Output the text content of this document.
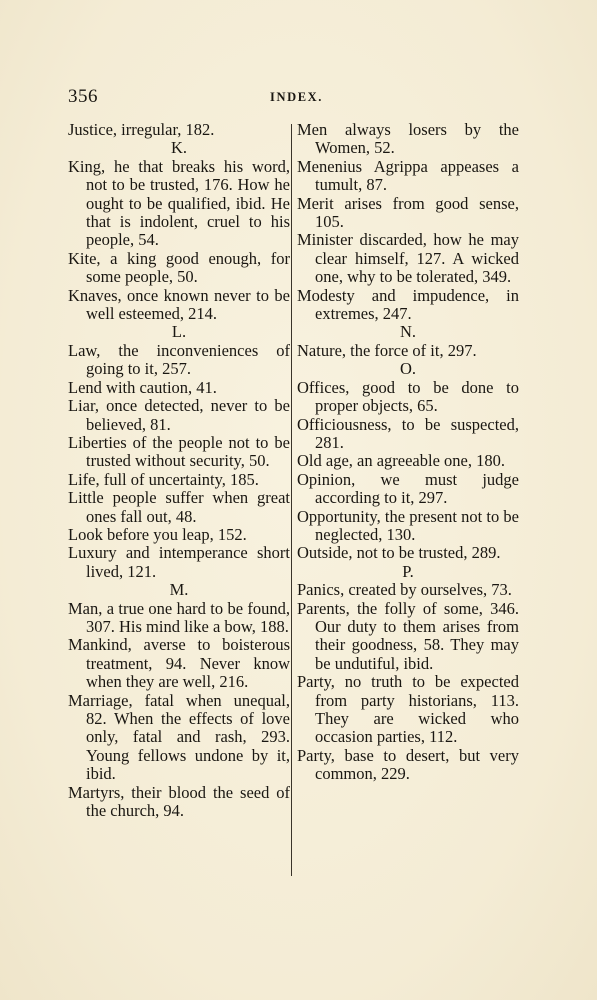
356	INDEX.

Justice, irregular, 182.

K.

King, he that breaks his word, not to be trusted, 176. How he ought to be qualified, ibid. He that is indolent, cruel to his people, 54.

Kite, a king good enough, for some people, 50.

Knaves, once known never to be well esteemed, 214.

L.

Law, the inconveniences of going to it, 257.

Lend with caution, 41.

Liar, once detected, never to be believed, 81.

Liberties of the people not to be trusted without security, 50.

Life, full of uncertainty, 185.

Little people suffer when great ones fall out, 48.

Look before you leap, 152.

Luxury and intemperance short lived, 121.

M.

Man, a true one hard to be found, 307. His mind like a bow, 188.

Mankind, averse to boisterous treatment, 94. Never know when they are well, 216.

Marriage, fatal when unequal, 82. When the effects of love only, fatal and rash, 293. Young fellows undone by it, ibid.

Martyrs, their blood the seed of the church, 94.

Men always losers by the Women, 52.

Menenius Agrippa appeases a tumult, 87.

Merit arises from good sense, 105.

Minister discarded, how he may clear himself, 127. A wicked one, why to be tolerated, 349.

Modesty and impudence, in extremes, 247.

N.

Nature, the force of it, 297.

O.

Offices, good to be done to proper objects, 65.

Officiousness, to be suspected, 281.

Old age, an agreeable one, 180.

Opinion, we must judge according to it, 297.

Opportunity, the present not to be neglected, 130.

Outside, not to be trusted, 289.

P.

Panics, created by ourselves, 73.

Parents, the folly of some, 346. Our duty to them arises from their goodness, 58. They may be undutiful, ibid.

Party, no truth to be expected from party historians, 113. They are wicked who occasion parties, 112.

Party, base to desert, but very common, 229.
